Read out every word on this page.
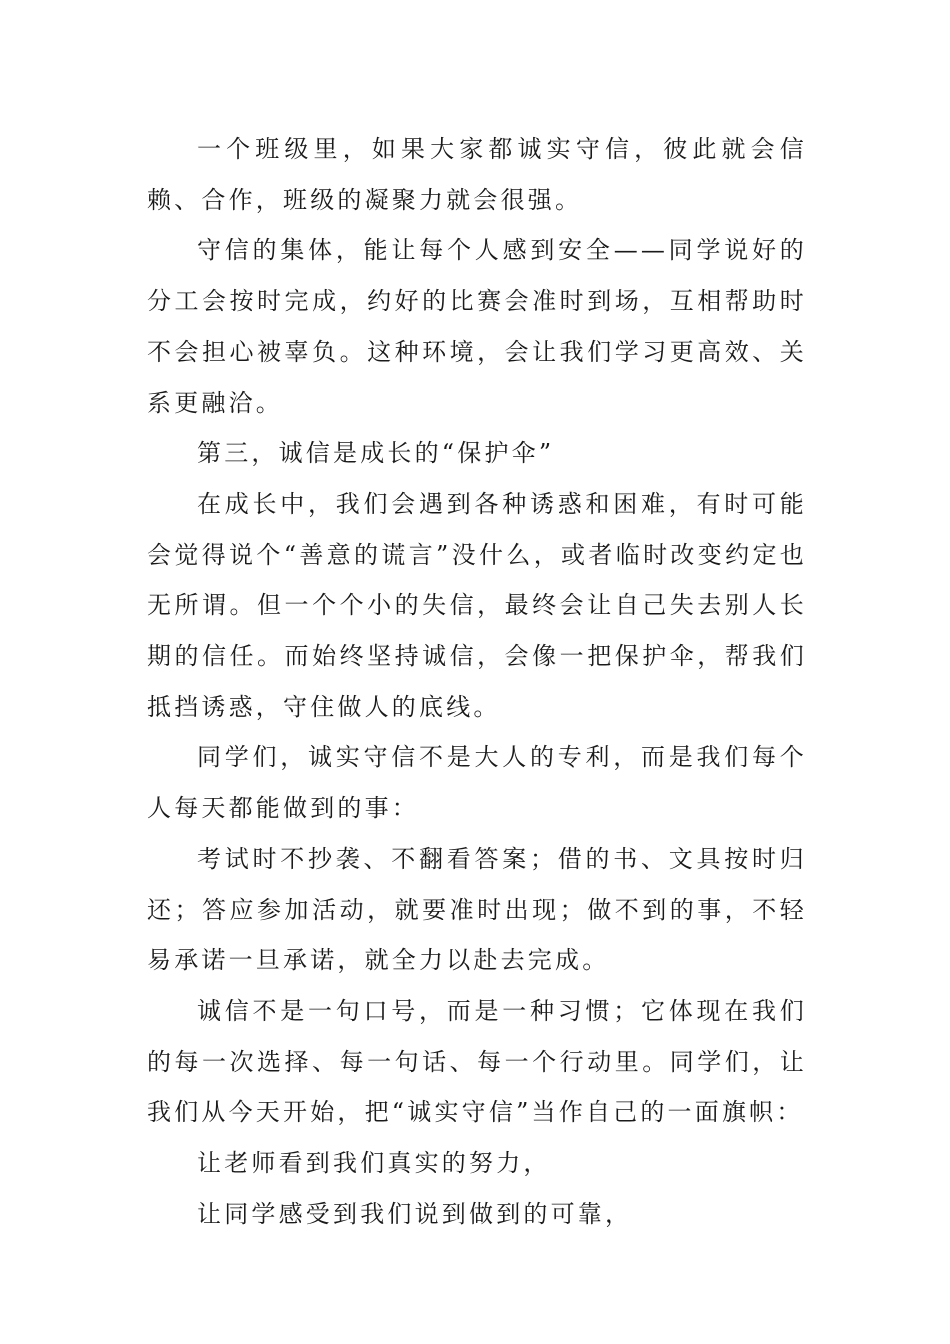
一个班级里，如果大家都诚实守信，彼此就会信赖、合作，班级的凝聚力就会很强。

守信的集体，能让每个人感到安全——同学说好的分工会按时完成，约好的比赛会准时到场，互相帮助时不会担心被辜负。这种环境，会让我们学习更高效、关系更融洽。

第三，诚信是成长的“保护伞”

在成长中，我们会遇到各种诱惑和困难，有时可能会觉得说个“善意的谎言”没什么，或者临时改变约定也无所谓。但一个个小的失信，最终会让自己失去别人长期的信任。而始终坚持诚信，会像一把保护伞，帮我们抵挡诱惑，守住做人的底线。

同学们，诚实守信不是大人的专利，而是我们每个人每天都能做到的事：

考试时不抄袭、不翻看答案；借的书、文具按时归还；答应参加活动，就要准时出现；做不到的事，不轻易承诺一旦承诺，就全力以赴去完成。

诚信不是一句口号，而是一种习惯；它体现在我们的每一次选择、每一句话、每一个行动里。同学们，让我们从今天开始，把“诚实守信”当作自己的一面旗帜：

让老师看到我们真实的努力，

让同学感受到我们说到做到的可靠，
